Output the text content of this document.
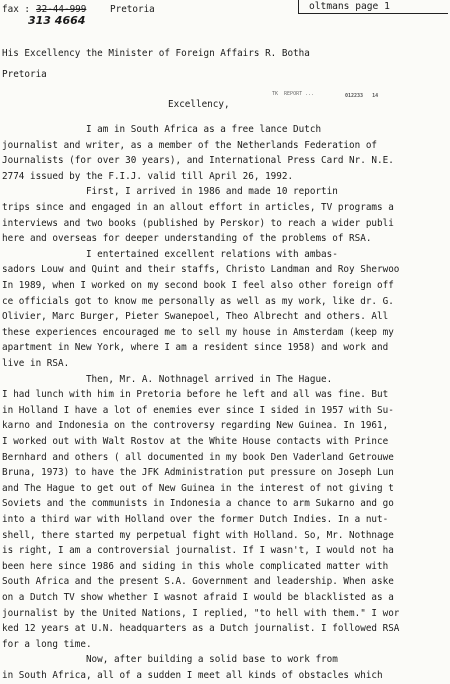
fax : 32-44-999	Pretoria
313 4664
oltmans page 1
His Excellency the Minister of Foreign Affairs R. Botha
Pretoria

TK  REPORT ...

	012233   14

Excellency,
I am in South Africa as a free lance Dutch
journalist and writer, as a member of the Netherlands Federation of
Journalists (for over 30 years), and International Press Card Nr. N.E.
2774 issued by the F.I.J. valid till April 26, 1992.
First, I arrived in 1986 and made 10 reportin
trips since and engaged in an allout effort in articles, TV programs a
interviews and two books (published by Perskor) to reach a wider publi
here and overseas for deeper understanding of the problems of RSA.
I entertained excellent relations with ambas-
sadors Louw and Quint and their staffs, Christo Landman and Roy Sherwoo
In 1989, when I worked on my second book I feel also other foreign off
ce officials got to know me personally as well as my work, like dr. G.
Olivier, Marc Burger, Pieter Swanepoel, Theo Albrecht and others. All
these experiences encouraged me to sell my house in Amsterdam (keep my
apartment in New York, where I am a resident since 1958) and work and
live in RSA.
Then, Mr. A. Nothnagel arrived in The Hague.
I had lunch with him in Pretoria before he left and all was fine. But
in Holland I have a lot of enemies ever since I sided in 1957 with Su-
karno and Indonesia on the controversy regarding New Guinea. In 1961,
I worked out with Walt Rostov at the White House contacts with Prince
Bernhard and others ( all documented in my book Den Vaderland Getrouwe
Bruna, 1973) to have the JFK Administration put pressure on Joseph Lun
and The Hague to get out of New Guinea in the interest of not giving t
Soviets and the communists in Indonesia a chance to arm Sukarno and go
into a third war with Holland over the former Dutch Indies. In a nut-
shell, there started my perpetual fight with Holland. So, Mr. Nothnage
is right, I am a controversial journalist. If I wasn't, I would not ha
been here since 1986 and siding in this whole complicated matter with
South Africa and the present S.A. Government and leadership. When aske
on a Dutch TV show whether I wasnot afraid I would be blacklisted as a
journalist by the United Nations, I replied, "to hell with them." I wor
ked 12 years at U.N. headquarters as a Dutch journalist. I followed RSA
for a long time.
Now, after building a solid base to work from
in South Africa, all of a sudden I meet all kinds of obstacles which
